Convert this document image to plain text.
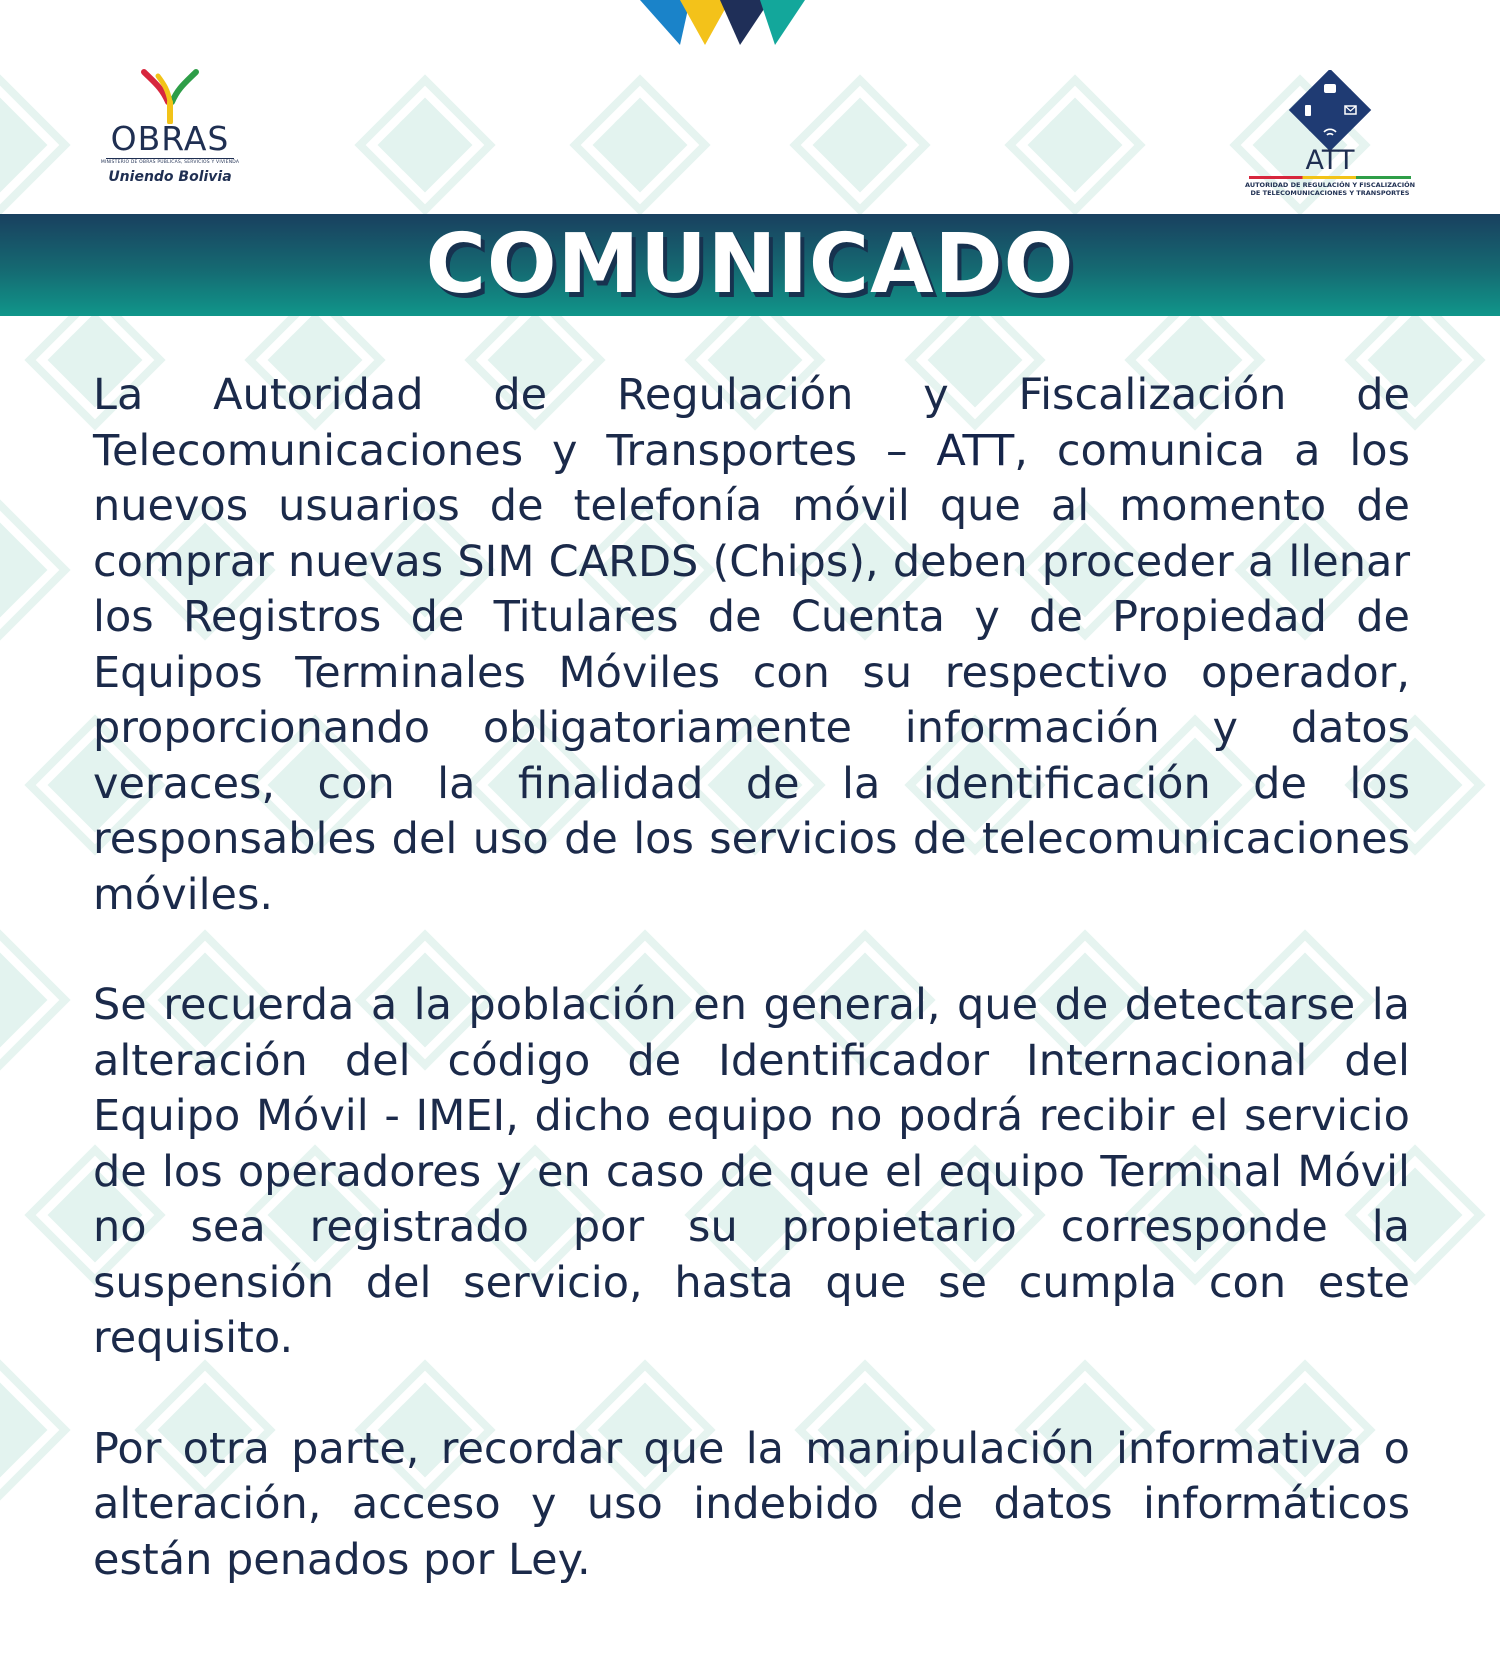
OBRAS
MINISTERIO DE OBRAS PÚBLICAS, SERVICIOS Y VIVIENDA
Uniendo Bolivia
ATT
AUTORIDAD DE REGULACIÓN Y FISCALIZACIÓN
DE TELECOMUNICACIONES Y TRANSPORTES
COMUNICADO

La Autoridad de Regulación y Fiscalización de Telecomunicaciones y Transportes – ATT, comunica a los nuevos usuarios de telefonía móvil que al momento de comprar nuevas SIM CARDS (Chips), deben proceder a llenar los Registros de Titulares de Cuenta y de Propiedad de Equipos Terminales Móviles con su respectivo operador, proporcionando obligatoriamente información y datos veraces, con la finalidad de la identificación de los responsables del uso de los servicios de telecomunicaciones móviles.

Se recuerda a la población en general, que de detectarse la alteración del código de Identificador Internacional del Equipo Móvil - IMEI, dicho equipo no podrá recibir el servicio de los operadores y en caso de que el equipo Terminal Móvil no sea registrado por su propietario corresponde la suspensión del servicio, hasta que se cumpla con este requisito.

Por otra parte, recordar que la manipulación informativa o alteración, acceso y uso indebido de datos informáticos están penados por Ley.
